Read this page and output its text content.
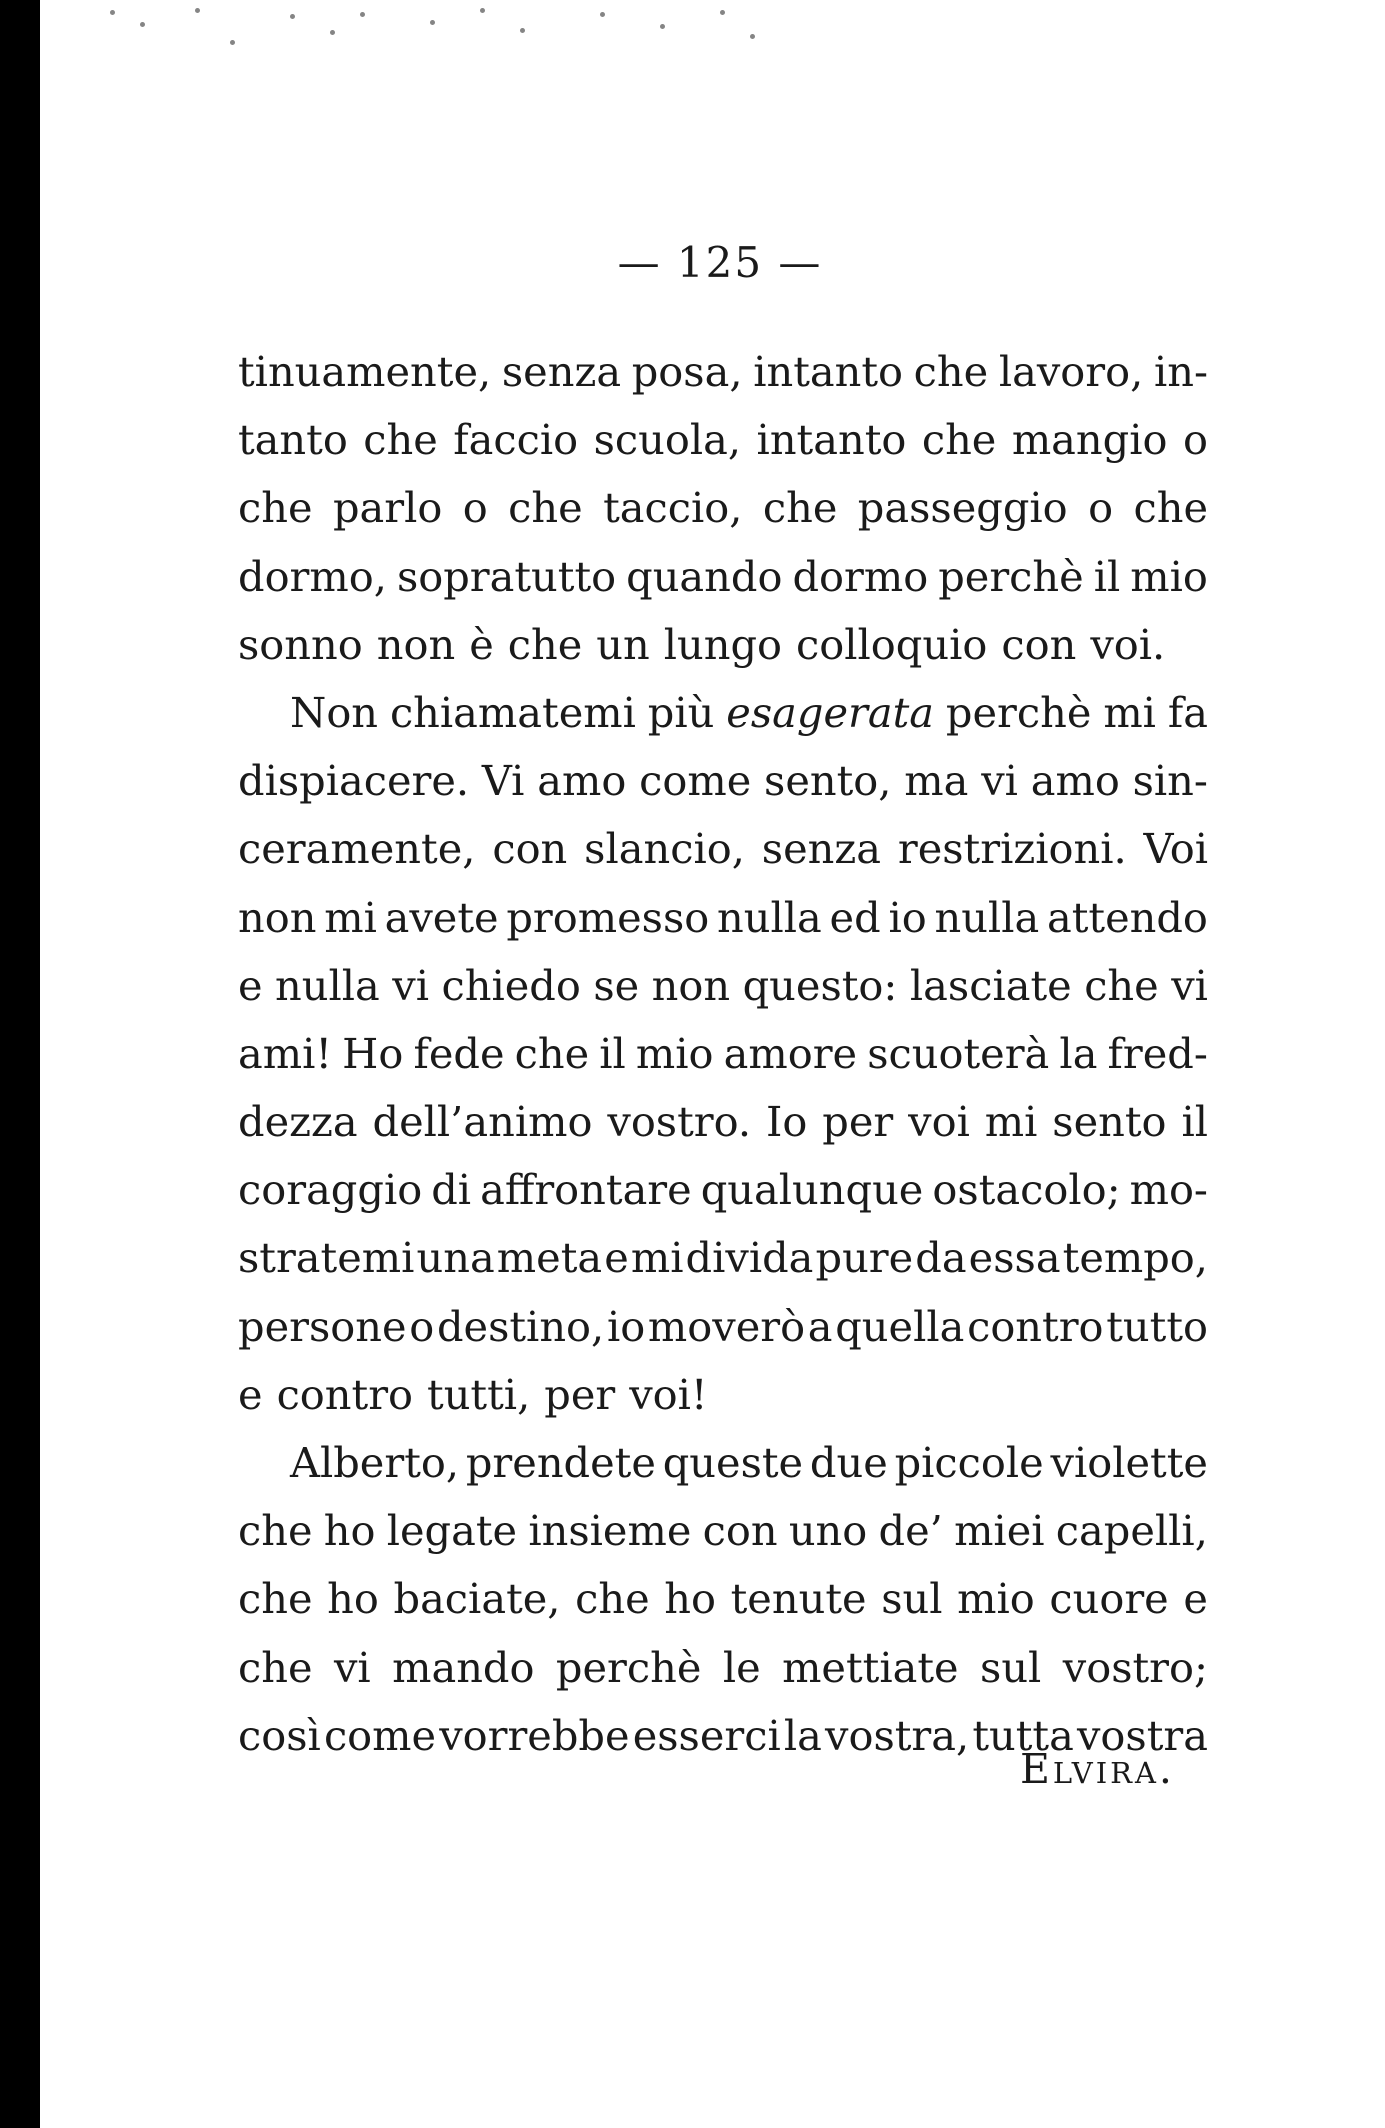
— 125 —
tinuamente, senza posa, intanto che lavoro, in-
tanto che faccio scuola, intanto che mangio o
che parlo o che taccio, che passeggio o che
dormo, sopratutto quando dormo perchè il mio
sonno non è che un lungo colloquio con voi.
Non chiamatemi più esagerata perchè mi fa
dispiacere. Vi amo come sento, ma vi amo sin-
ceramente, con slancio, senza restrizioni. Voi
non mi avete promesso nulla ed io nulla attendo
e nulla vi chiedo se non questo: lasciate che vi
ami! Ho fede che il mio amore scuoterà la fred-
dezza dell’animo vostro. Io per voi mi sento il
coraggio di affrontare qualunque ostacolo; mo-
stratemi una meta e mi divida pure da essa tempo,
persone o destino, io moverò a quella contro tutto
e contro tutti, per voi!
Alberto, prendete queste due piccole violette
che ho legate insieme con uno de’ miei capelli,
che ho baciate, che ho tenute sul mio cuore e
che vi mando perchè le mettiate sul vostro;
così come vorrebbe esserci la vostra, tutta vostra
Elvira.
